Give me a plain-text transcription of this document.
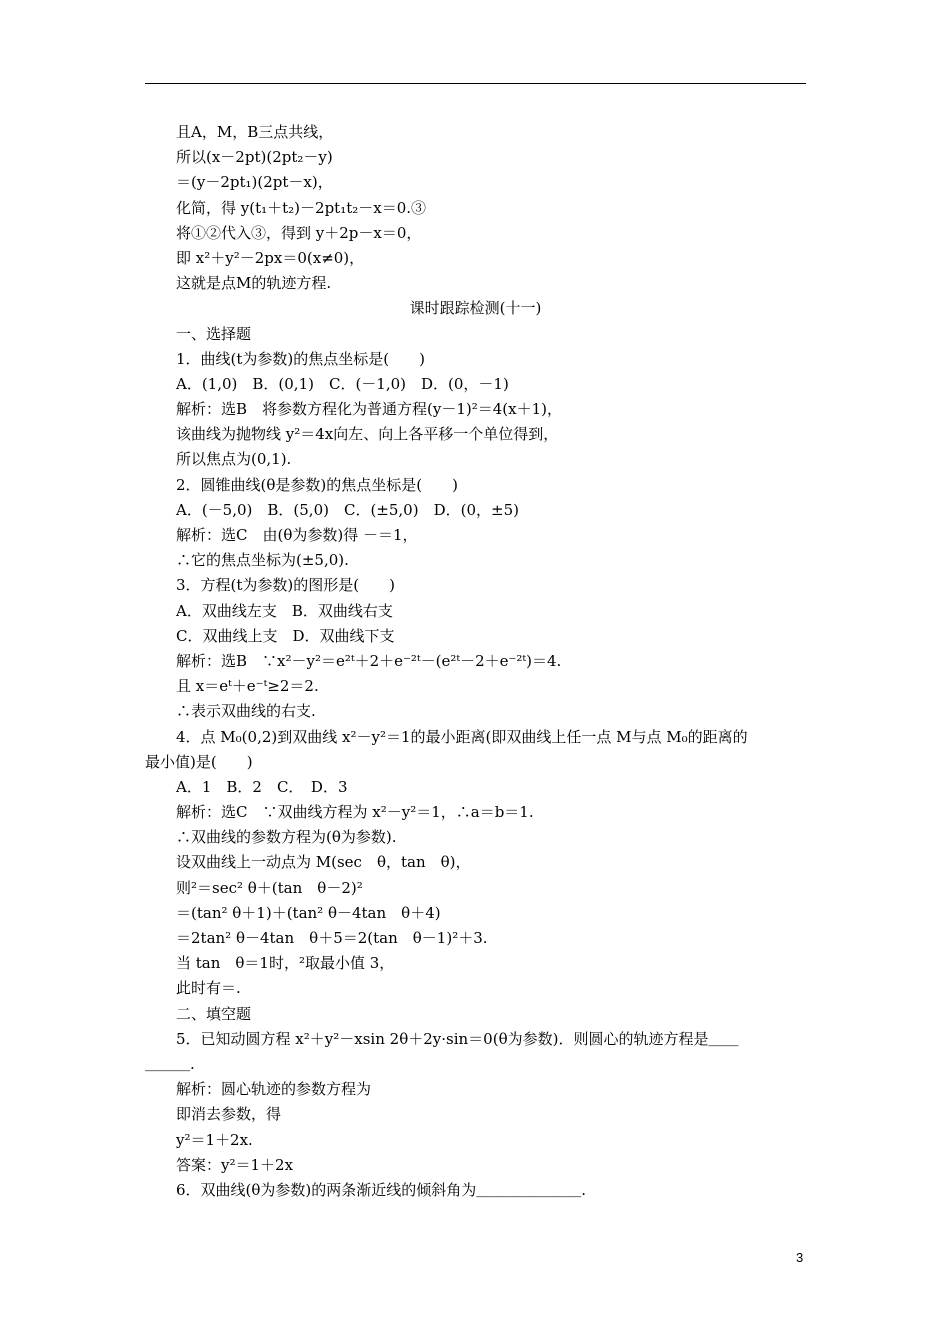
且A，M，B三点共线，
所以(x－2pt)(2pt₂－y)
＝(y－2pt₁)(2pt－x)，
化简，得 y(t₁＋t₂)－2pt₁t₂－x＝0.③
将①②代入③，得到 y＋2p－x＝0，
即 x²＋y²－2px＝0(x≠0)，
这就是点M的轨迹方程.
课时跟踪检测(十一)
一、选择题
1．曲线(t为参数)的焦点坐标是(　　)
A．(1,0)　B．(0,1)　C．(－1,0)　D．(0，－1)
解析：选B　将参数方程化为普通方程(y－1)²＝4(x＋1)，
该曲线为抛物线 y²＝4x向左、向上各平移一个单位得到，
所以焦点为(0,1).
2．圆锥曲线(θ是参数)的焦点坐标是(　　)
A．(－5,0)　B．(5,0)　C．(±5,0)　D．(0，±5)
解析：选C　由(θ为参数)得 －＝1，
∴它的焦点坐标为(±5,0).
3．方程(t为参数)的图形是(　　)
A．双曲线左支　B．双曲线右支
C．双曲线上支　D．双曲线下支
解析：选B　∵x²－y²＝e²ᵗ＋2＋e⁻²ᵗ－(e²ᵗ－2＋e⁻²ᵗ)＝4.
且 x＝eᵗ＋e⁻ᵗ≥2＝2.
∴表示双曲线的右支.
4．点 M₀(0,2)到双曲线 x²－y²＝1的最小距离(即双曲线上任一点 M与点 M₀的距离的
最小值)是(　　)
A．1　B．2　C．　D．3
解析：选C　∵双曲线方程为 x²－y²＝1，∴a＝b＝1.
∴双曲线的参数方程为(θ为参数).
设双曲线上一动点为 M(sec　θ，tan　θ)，
则²＝sec² θ＋(tan　θ－2)²
＝(tan² θ＋1)＋(tan² θ－4tan　θ＋4)
＝2tan² θ－4tan　θ＋5＝2(tan　θ－1)²＋3.
当 tan　θ＝1时，²取最小值 3，
此时有＝.
二、填空题
5．已知动圆方程 x²＋y²－xsin 2θ＋2y·sin＝0(θ为参数)．则圆心的轨迹方程是＿＿
＿＿＿.
解析：圆心轨迹的参数方程为
即消去参数，得
y²＝1＋2x.
答案：y²＝1＋2x
6．双曲线(θ为参数)的两条渐近线的倾斜角为＿＿＿＿＿＿＿.
3
